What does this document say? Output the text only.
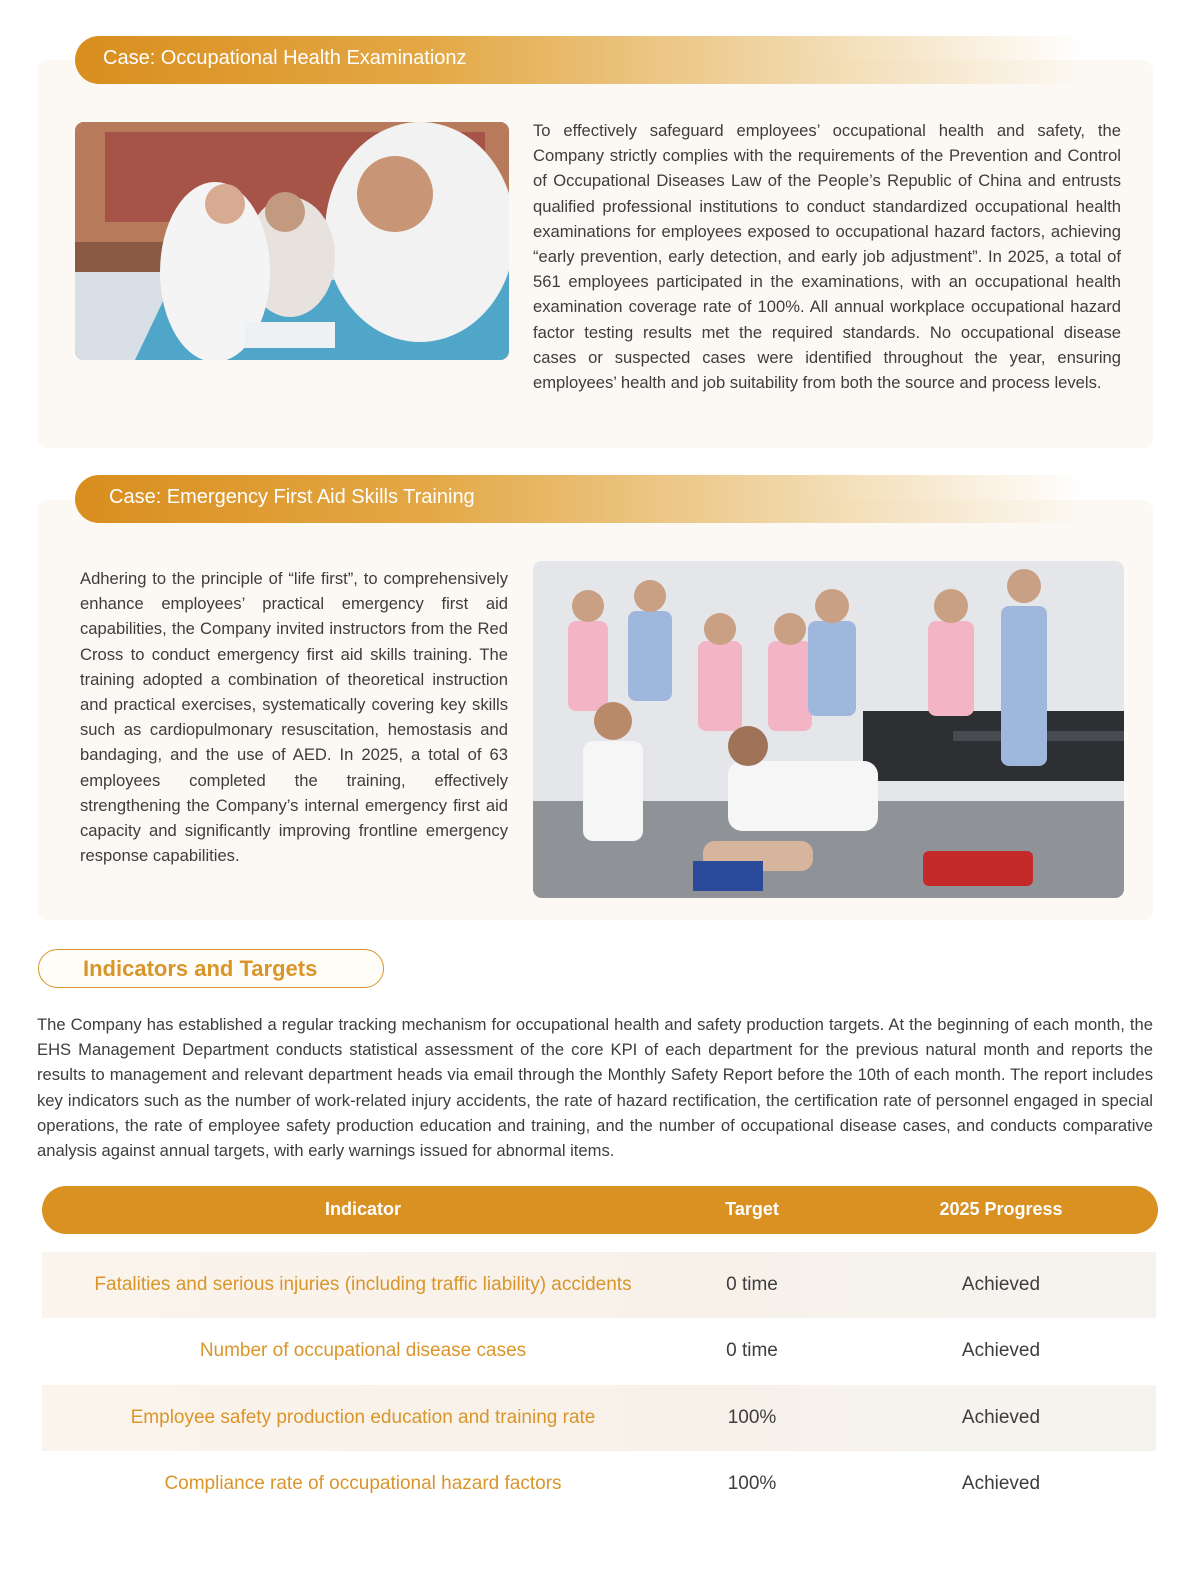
Case: Occupational Health Examinationz
To effectively safeguard employees’ occupational health and safety, the Company strictly complies with the requirements of the Prevention and Control of Occupational Diseases Law of the People’s Republic of China and entrusts qualified professional institutions to conduct standardized occupational health examinations for employees exposed to occupational hazard factors, achieving “early prevention, early detection, and early job adjustment”. In 2025, a total of 561 employees participated in the examinations, with an occupational health examination coverage rate of 100%. All annual workplace occupational hazard factor testing results met the required standards. No occupational disease cases or suspected cases were identified throughout the year, ensuring employees’ health and job suitability from both the source and process levels.
Case: Emergency First Aid Skills Training
Adhering to the principle of “life first”, to comprehensively enhance employees’ practical emergency first aid capabilities, the Company invited instructors from the Red Cross to conduct emergency first aid skills training. The training adopted a combination of theoretical instruction and practical exercises, systematically covering key skills such as cardiopulmonary resuscitation, hemostasis and bandaging, and the use of AED. In 2025, a total of 63 employees completed the training, effectively strengthening the Company’s internal emergency first aid capacity and significantly improving frontline emergency response capabilities.
Indicators and Targets
The Company has established a regular tracking mechanism for occupational health and safety production targets. At the beginning of each month, the EHS Management Department conducts statistical assessment of the core KPI of each department for the previous natural month and reports the results to management and relevant department heads via email through the Monthly Safety Report before the 10th of each month. The report includes key indicators such as the number of work-related injury accidents, the rate of hazard rectification, the certification rate of personnel engaged in special operations, the rate of employee safety production education and training, and the number of occupational disease cases, and conducts comparative analysis against annual targets, with early warnings issued for abnormal items.
Indicator	Target	2025 Progress
Fatalities and serious injuries (including traffic liability) accidents	0 time	Achieved
Number of occupational disease cases	0 time	Achieved
Employee safety production education and training rate	100%	Achieved
Compliance rate of occupational hazard factors	100%	Achieved
